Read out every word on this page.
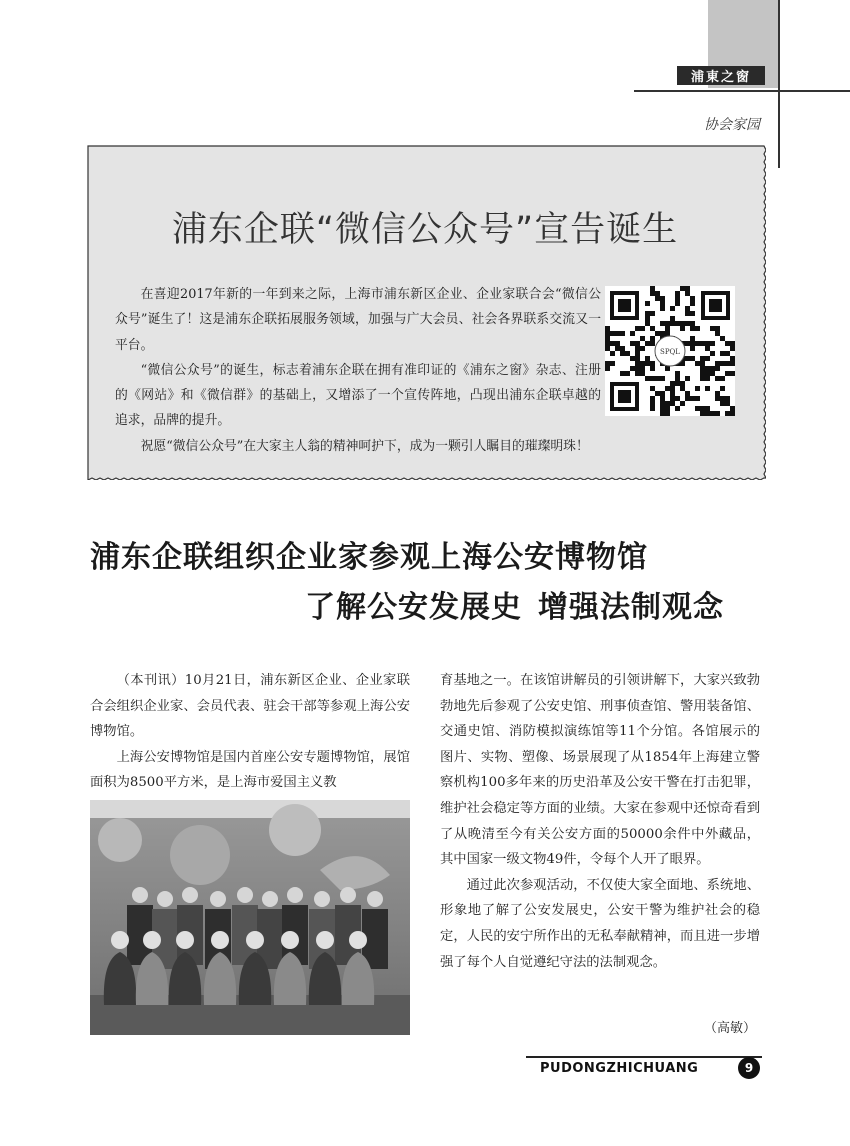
浦東之窗
协会家园
浦东企联“微信公众号”宣告诞生

在喜迎2017年新的一年到来之际，上海市浦东新区企业、企业家联合会“微信公众号”诞生了！这是浦东企联拓展服务领域，加强与广大会员、社会各界联系交流又一平台。

“微信公众号”的诞生，标志着浦东企联在拥有准印证的《浦东之窗》杂志、注册的《网站》和《微信群》的基础上，又增添了一个宣传阵地，凸现出浦东企联卓越的追求，品牌的提升。

祝愿“微信公众号”在大家主人翁的精神呵护下，成为一颗引人瞩目的璀璨明珠！

SPQL
浦东企联组织企业家参观上海公安博物馆
了解公安发展史 增强法制观念

（本刊讯）10月21日，浦东新区企业、企业家联合会组织企业家、会员代表、驻会干部等参观上海公安博物馆。

上海公安博物馆是国内首座公安专题博物馆，展馆面积为8500平方米，是上海市爱国主义教

育基地之一。在该馆讲解员的引领讲解下，大家兴致勃勃地先后参观了公安史馆、刑事侦查馆、警用装备馆、交通史馆、消防模拟演练馆等11个分馆。各馆展示的图片、实物、塑像、场景展现了从1854年上海建立警察机构100多年来的历史沿革及公安干警在打击犯罪，维护社会稳定等方面的业绩。大家在参观中还惊奇看到了从晚清至今有关公安方面的50000余件中外藏品，其中国家一级文物49件，令每个人开了眼界。

通过此次参观活动，不仅使大家全面地、系统地、形象地了解了公安发展史，公安干警为维护社会的稳定，人民的安宁所作出的无私奉献精神，而且进一步增强了每个人自觉遵纪守法的法制观念。

（高敏）
PUDONGZHICHUANG	9
